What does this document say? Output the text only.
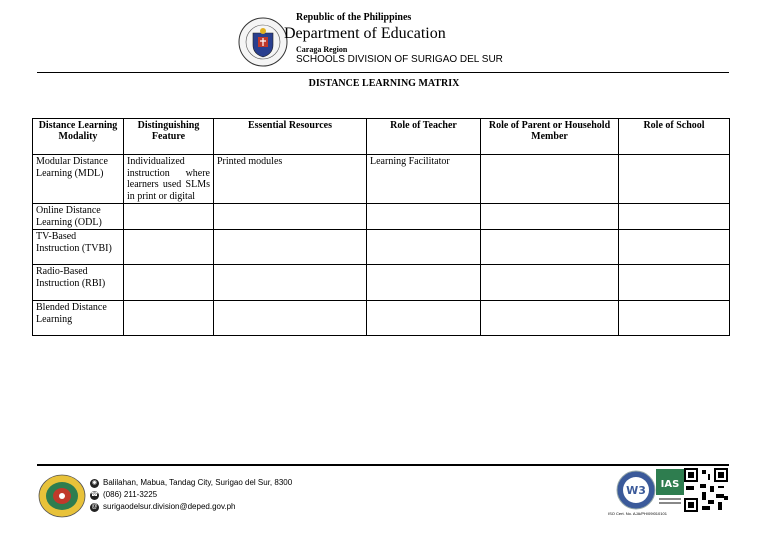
Republic of the Philippines
Department of Education
Caraga Region
SCHOOLS DIVISION OF SURIGAO DEL SUR
DISTANCE LEARNING MATRIX
Distance Learning Modality	Distinguishing Feature	Essential Resources	Role of Teacher	Role of Parent or Household Member	Role of School
Modular Distance Learning (MDL)	Individualized instruction where learners used SLMs in print or digital	Printed modules	Learning Facilitator		
Online Distance Learning (ODL)					
TV-Based Instruction (TVBI)					
Radio-Based Instruction (RBI)					
Blended Distance Learning					
◉ Balilahan, Mabua, Tandag City, Surigao del Sur, 8300
☎ (086) 211-3225
@ surigaodelsur.division@deped.gov.ph
W3 IAS
ISO Cert. No. AJA/PH/09I010101
